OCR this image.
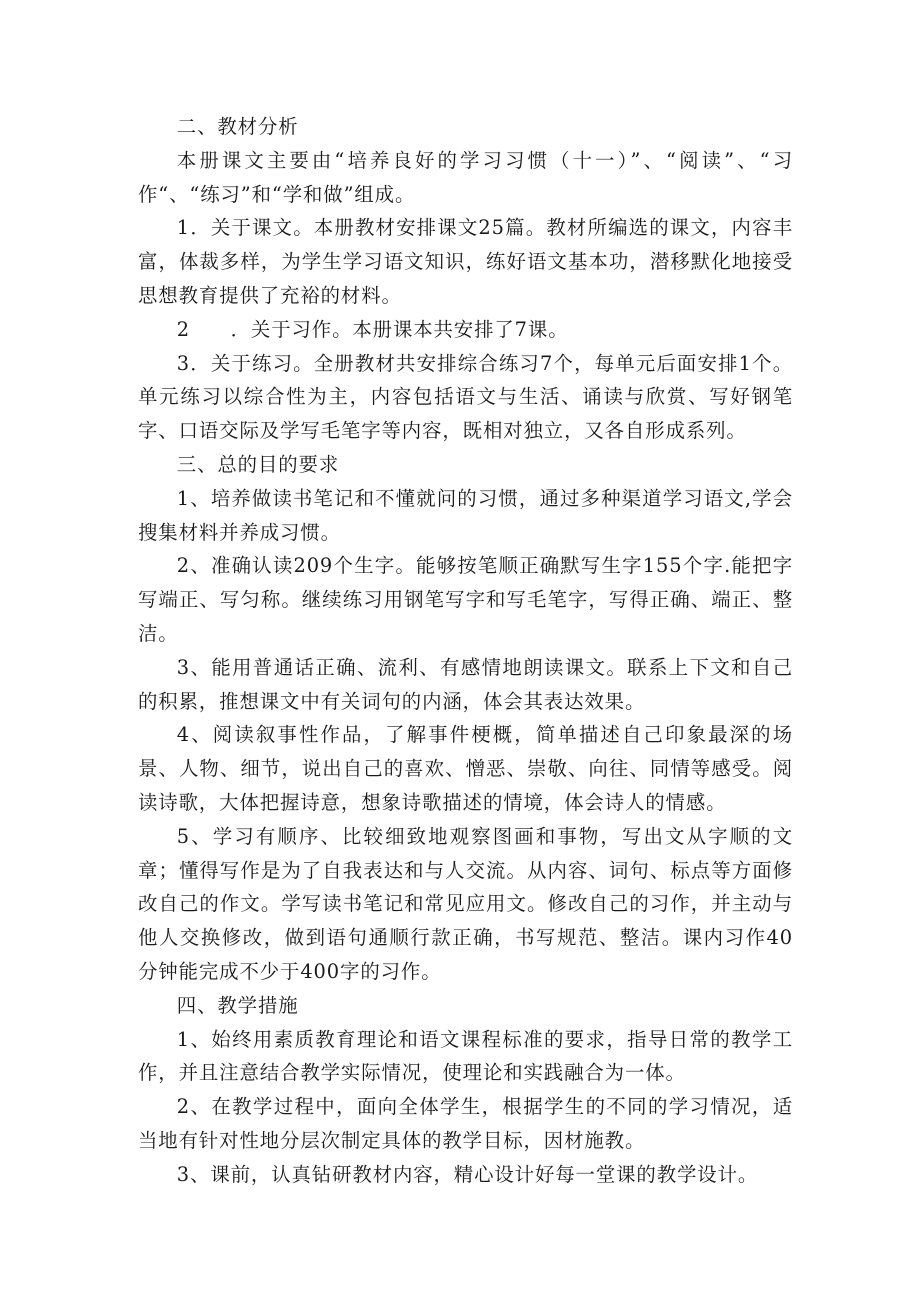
二、教材分析

本册课文主要由“培养良好的学习习惯（十一）”、“阅读”、“习作“、“练习”和“学和做”组成。

1．关于课文。本册教材安排课文25篇。教材所编选的课文，内容丰富，体裁多样，为学生学习语文知识，练好语文基本功，潜移默化地接受思想教育提供了充裕的材料。

2　　．关于习作。本册课本共安排了7课。

3．关于练习。全册教材共安排综合练习7个，每单元后面安排1个。单元练习以综合性为主，内容包括语文与生活、诵读与欣赏、写好钢笔字、口语交际及学写毛笔字等内容，既相对独立，又各自形成系列。

三、总的目的要求

1、培养做读书笔记和不懂就问的习惯，通过多种渠道学习语文,学会搜集材料并养成习惯。

2、准确认读209个生字。能够按笔顺正确默写生字155个字.能把字写端正、写匀称。继续练习用钢笔写字和写毛笔字，写得正确、端正、整洁。

3、能用普通话正确、流利、有感情地朗读课文。联系上下文和自己的积累，推想课文中有关词句的内涵，体会其表达效果。

4、阅读叙事性作品，了解事件梗概，简单描述自己印象最深的场景、人物、细节，说出自己的喜欢、憎恶、崇敬、向往、同情等感受。阅读诗歌，大体把握诗意，想象诗歌描述的情境，体会诗人的情感。

5、学习有顺序、比较细致地观察图画和事物，写出文从字顺的文章；懂得写作是为了自我表达和与人交流。从内容、词句、标点等方面修改自己的作文。学写读书笔记和常见应用文。修改自己的习作，并主动与他人交换修改，做到语句通顺行款正确，书写规范、整洁。课内习作40分钟能完成不少于400字的习作。

四、教学措施

1、始终用素质教育理论和语文课程标准的要求，指导日常的教学工作，并且注意结合教学实际情况，使理论和实践融合为一体。

2、在教学过程中，面向全体学生，根据学生的不同的学习情况，适当地有针对性地分层次制定具体的教学目标，因材施教。

3、课前，认真钻研教材内容，精心设计好每一堂课的教学设计。
